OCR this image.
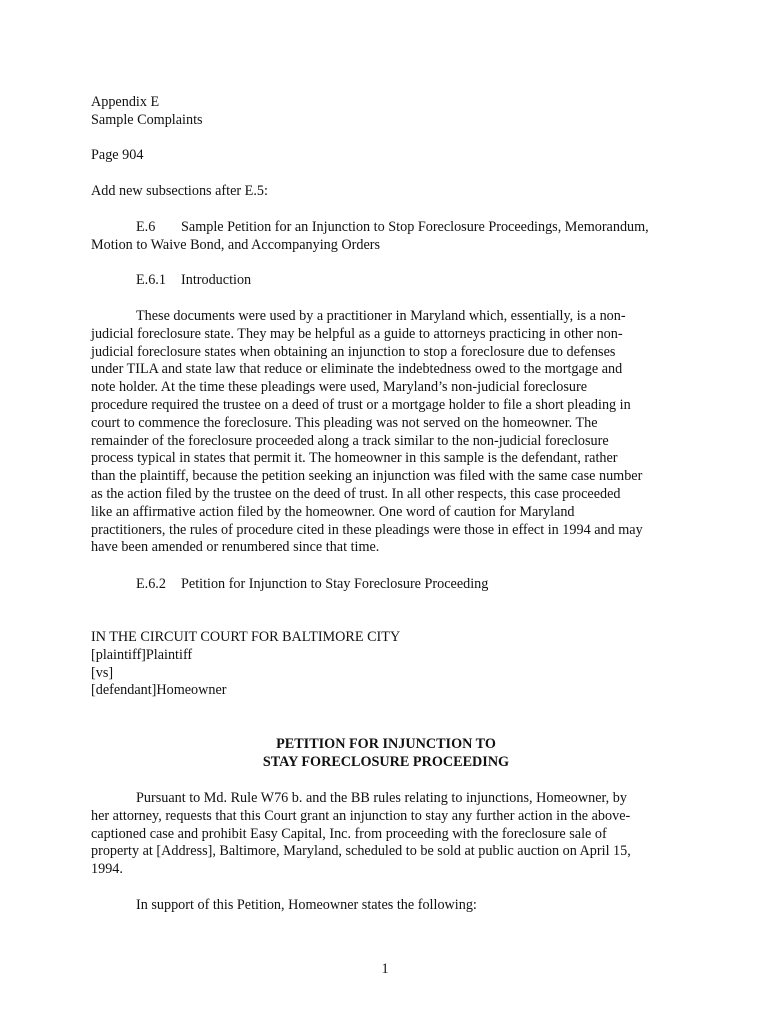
Appendix E
Sample Complaints
Page 904
Add new subsections after E.5:
E.6 Sample Petition for an Injunction to Stop Foreclosure Proceedings, Memorandum,
Motion to Waive Bond, and Accompanying Orders
E.6.1 Introduction
These documents were used by a practitioner in Maryland which, essentially, is a non-
judicial foreclosure state. They may be helpful as a guide to attorneys practicing in other non-
judicial foreclosure states when obtaining an injunction to stop a foreclosure due to defenses
under TILA and state law that reduce or eliminate the indebtedness owed to the mortgage and
note holder. At the time these pleadings were used, Maryland’s non-judicial foreclosure
procedure required the trustee on a deed of trust or a mortgage holder to file a short pleading in
court to commence the foreclosure. This pleading was not served on the homeowner. The
remainder of the foreclosure proceeded along a track similar to the non-judicial foreclosure
process typical in states that permit it. The homeowner in this sample is the defendant, rather
than the plaintiff, because the petition seeking an injunction was filed with the same case number
as the action filed by the trustee on the deed of trust. In all other respects, this case proceeded
like an affirmative action filed by the homeowner. One word of caution for Maryland
practitioners, the rules of procedure cited in these pleadings were those in effect in 1994 and may
have been amended or renumbered since that time.
E.6.2 Petition for Injunction to Stay Foreclosure Proceeding
IN THE CIRCUIT COURT FOR BALTIMORE CITY
[plaintiff]Plaintiff
[vs]
[defendant]Homeowner
PETITION FOR INJUNCTION TO
STAY FORECLOSURE PROCEEDING
Pursuant to Md. Rule W76 b. and the BB rules relating to injunctions, Homeowner, by
her attorney, requests that this Court grant an injunction to stay any further action in the above-
captioned case and prohibit Easy Capital, Inc. from proceeding with the foreclosure sale of
property at [Address], Baltimore, Maryland, scheduled to be sold at public auction on April 15,
1994.
In support of this Petition, Homeowner states the following:
1
